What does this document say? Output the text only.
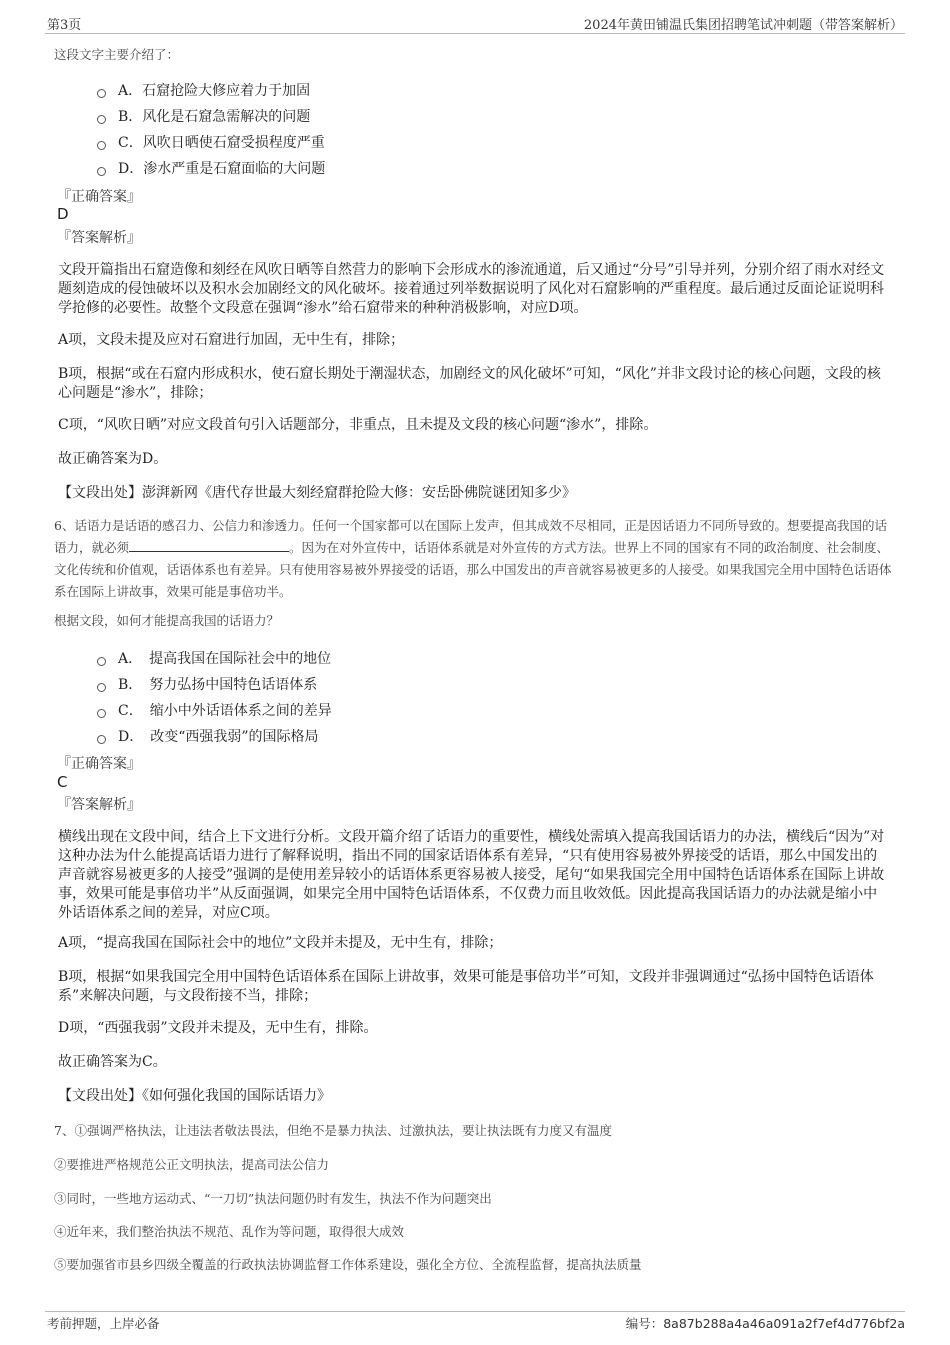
第3页	2024年黄田铺温氏集团招聘笔试冲刺题（带答案解析）
这段文字主要介绍了：
A．石窟抢险大修应着力于加固
B．风化是石窟急需解决的问题
C．风吹日晒使石窟受损程度严重
D．渗水严重是石窟面临的大问题
『正确答案』
D
『答案解析』
文段开篇指出石窟造像和刻经在风吹日晒等自然营力的影响下会形成水的渗流通道，后又通过“分号”引导并列，分别介绍了雨水对经文题刻造成的侵蚀破坏以及积水会加剧经文的风化破坏。接着通过列举数据说明了风化对石窟影响的严重程度。最后通过反面论证说明科学抢修的必要性。故整个文段意在强调“渗水”给石窟带来的种种消极影响，对应D项。
A项，文段未提及应对石窟进行加固，无中生有，排除；
B项，根据“或在石窟内形成积水，使石窟长期处于潮湿状态，加剧经文的风化破坏”可知，“风化”并非文段讨论的核心问题，文段的核心问题是“渗水”，排除；
C项，“风吹日晒”对应文段首句引入话题部分，非重点，且未提及文段的核心问题“渗水”，排除。
故正确答案为D。
【文段出处】澎湃新网《唐代存世最大刻经窟群抢险大修：安岳卧佛院谜团知多少》
6、话语力是话语的感召力、公信力和渗透力。任何一个国家都可以在国际上发声，但其成效不尽相同，正是因话语力不同所导致的。想要提高我国的话语力，就必须	。因为在对外宣传中，话语体系就是对外宣传的方式方法。世界上不同的国家有不同的政治制度、社会制度、文化传统和价值观，话语体系也有差异。只有使用容易被外界接受的话语，那么中国发出的声音就容易被更多的人接受。如果我国完全用中国特色话语体系在国际上讲故事，效果可能是事倍功半。
根据文段，如何才能提高我国的话语力？
A．　提高我国在国际社会中的地位
B．　努力弘扬中国特色话语体系
C．　缩小中外话语体系之间的差异
D．　改变“西强我弱”的国际格局
『正确答案』
C
『答案解析』
横线出现在文段中间，结合上下文进行分析。文段开篇介绍了话语力的重要性，横线处需填入提高我国话语力的办法，横线后“因为”对这种办法为什么能提高话语力进行了解释说明，指出不同的国家话语体系有差异，“只有使用容易被外界接受的话语，那么中国发出的声音就容易被更多的人接受”强调的是使用差异较小的话语体系更容易被人接受，尾句“如果我国完全用中国特色话语体系在国际上讲故事，效果可能是事倍功半”从反面强调，如果完全用中国特色话语体系，不仅费力而且收效低。因此提高我国话语力的办法就是缩小中外话语体系之间的差异，对应C项。
A项，“提高我国在国际社会中的地位”文段并未提及，无中生有，排除；
B项，根据“如果我国完全用中国特色话语体系在国际上讲故事，效果可能是事倍功半”可知，文段并非强调通过“弘扬中国特色话语体系”来解决问题，与文段衔接不当，排除；
D项，“西强我弱”文段并未提及，无中生有，排除。
故正确答案为C。
【文段出处】《如何强化我国的国际话语力》
7、①强调严格执法，让违法者敬法畏法，但绝不是暴力执法、过激执法，要让执法既有力度又有温度
②要推进严格规范公正文明执法，提高司法公信力
③同时，一些地方运动式、“一刀切”执法问题仍时有发生，执法不作为问题突出
④近年来，我们整治执法不规范、乱作为等问题，取得很大成效
⑤要加强省市县乡四级全覆盖的行政执法协调监督工作体系建设，强化全方位、全流程监督，提高执法质量
考前押题，上岸必备	编号：8a87b288a4a46a091a2f7ef4d776bf2a
